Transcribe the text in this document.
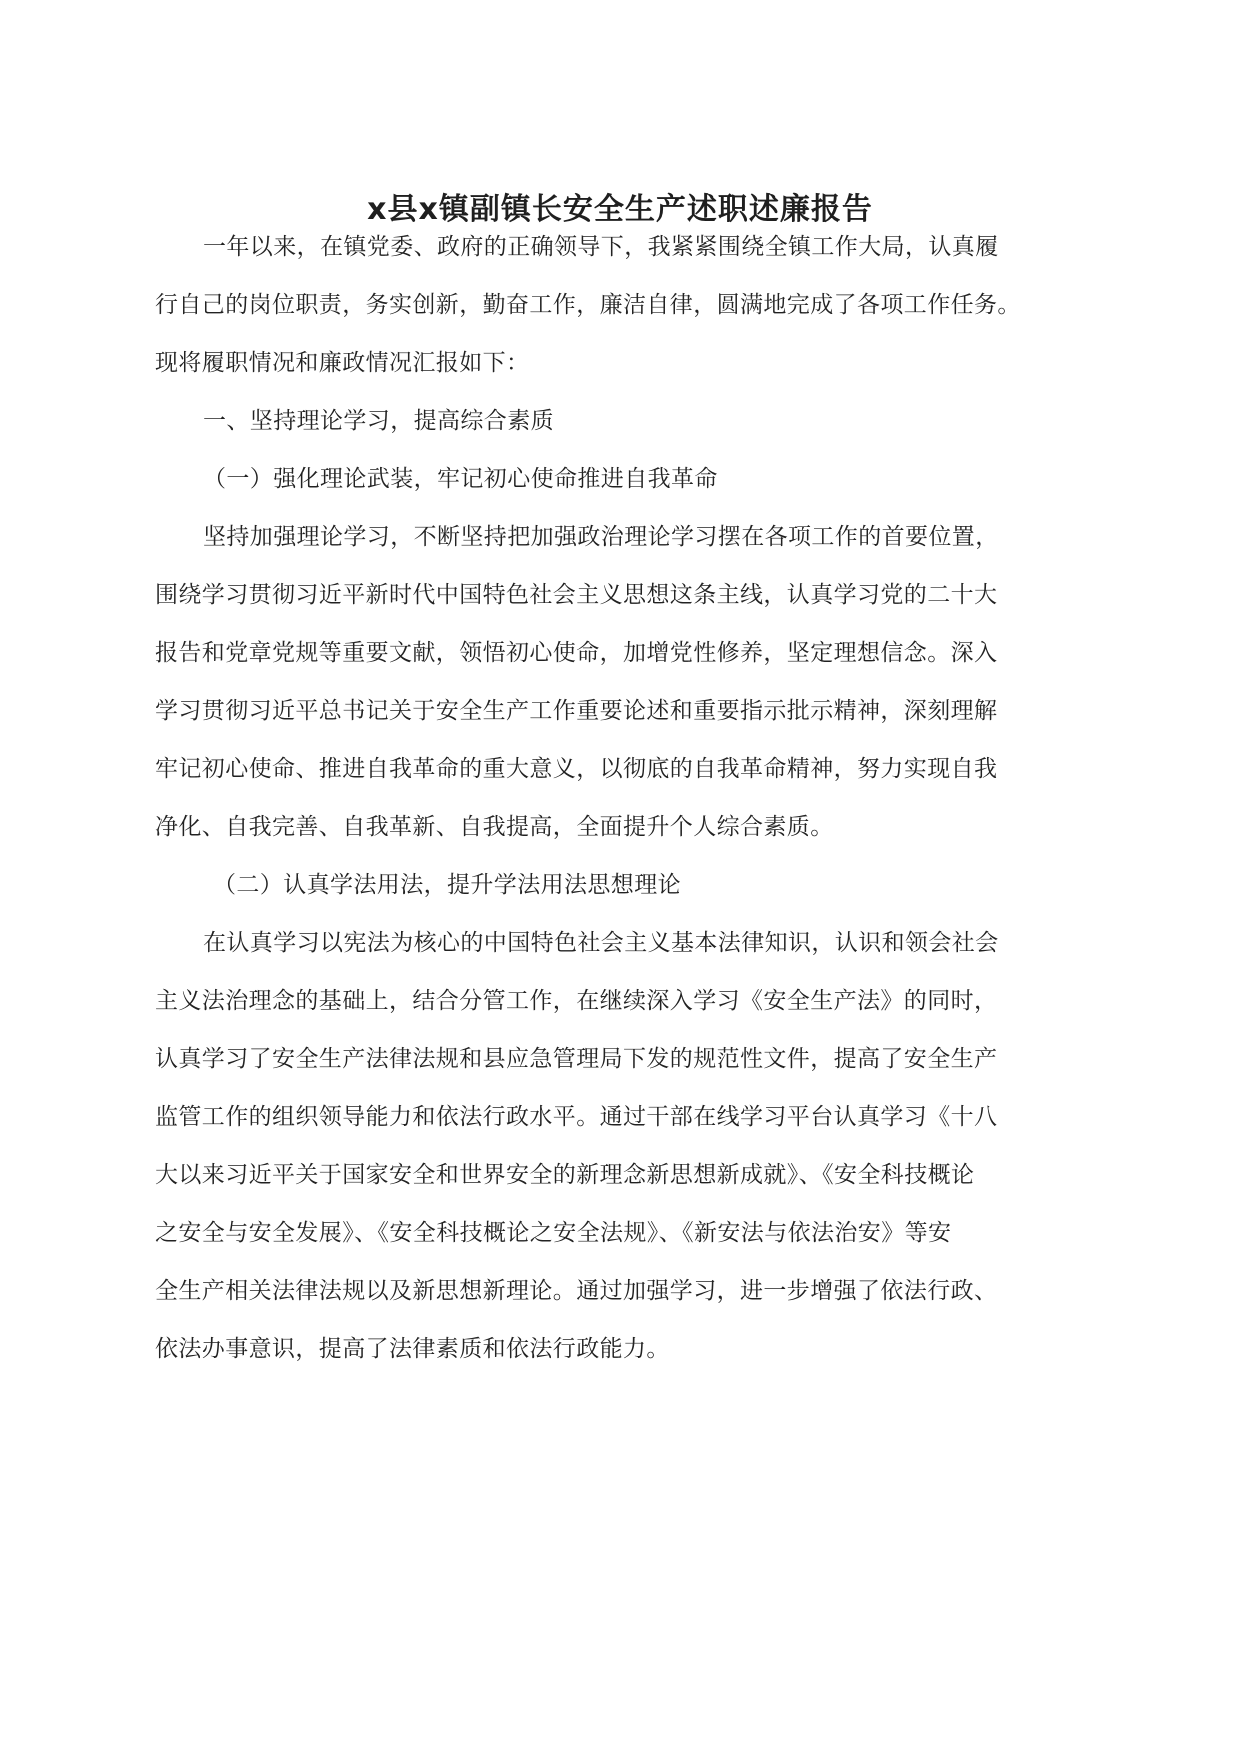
x县x镇副镇长安全生产述职述廉报告
一年以来，在镇党委、政府的正确领导下，我紧紧围绕全镇工作大局，认真履
行自己的岗位职责，务实创新，勤奋工作，廉洁自律，圆满地完成了各项工作任务。
现将履职情况和廉政情况汇报如下：
一、坚持理论学习，提高综合素质
（一）强化理论武装，牢记初心使命推进自我革命
坚持加强理论学习，不断坚持把加强政治理论学习摆在各项工作的首要位置，
围绕学习贯彻习近平新时代中国特色社会主义思想这条主线，认真学习党的二十大
报告和党章党规等重要文献，领悟初心使命，加增党性修养，坚定理想信念。深入
学习贯彻习近平总书记关于安全生产工作重要论述和重要指示批示精神，深刻理解
牢记初心使命、推进自我革命的重大意义，以彻底的自我革命精神，努力实现自我
净化、自我完善、自我革新、自我提高，全面提升个人综合素质。
（二）认真学法用法，提升学法用法思想理论
在认真学习以宪法为核心的中国特色社会主义基本法律知识，认识和领会社会
主义法治理念的基础上，结合分管工作，在继续深入学习《安全生产法》的同时，
认真学习了安全生产法律法规和县应急管理局下发的规范性文件，提高了安全生产
监管工作的组织领导能力和依法行政水平。通过干部在线学习平台认真学习《十八
大以来习近平关于国家安全和世界安全的新理念新思想新成就》、《安全科技概论
之安全与安全发展》、《安全科技概论之安全法规》、《新安法与依法治安》等安
全生产相关法律法规以及新思想新理论。通过加强学习，进一步增强了依法行政、
依法办事意识，提高了法律素质和依法行政能力。
